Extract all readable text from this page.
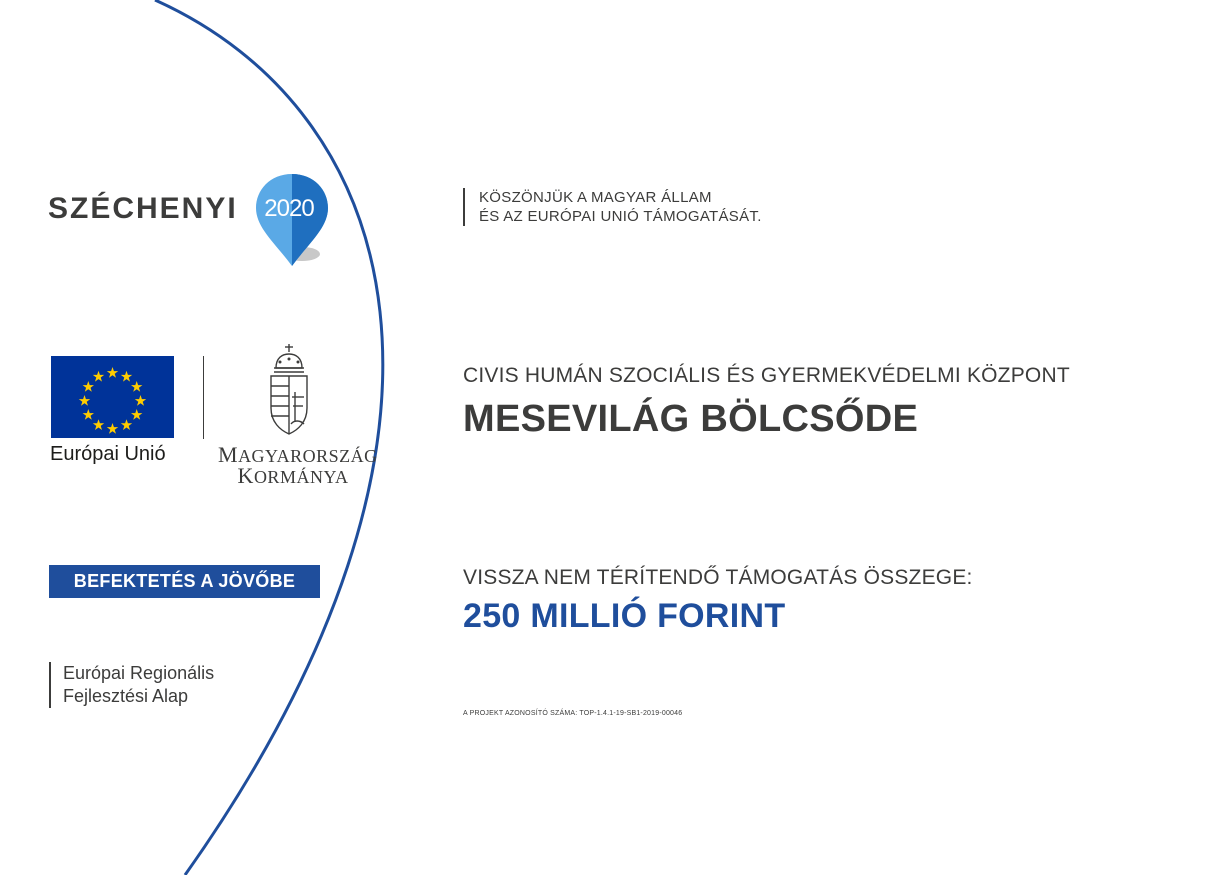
SZÉCHENYI	2020
Európai Unió MAGYARORSZÁG
KORMÁNYA
BEFEKTETÉS A JÖVŐBE
Európai Regionális
Fejlesztési Alap
KÖSZÖNJÜK A MAGYAR ÁLLAM
ÉS AZ EURÓPAI UNIÓ TÁMOGATÁSÁT.
CIVIS HUMÁN SZOCIÁLIS ÉS GYERMEKVÉDELMI KÖZPONT
MESEVILÁG BÖLCSŐDE
VISSZA NEM TÉRÍTENDŐ TÁMOGATÁS ÖSSZEGE:
250 MILLIÓ FORINT
A PROJEKT AZONOSÍTÓ SZÁMA: TOP-1.4.1-19-SB1-2019-00046
